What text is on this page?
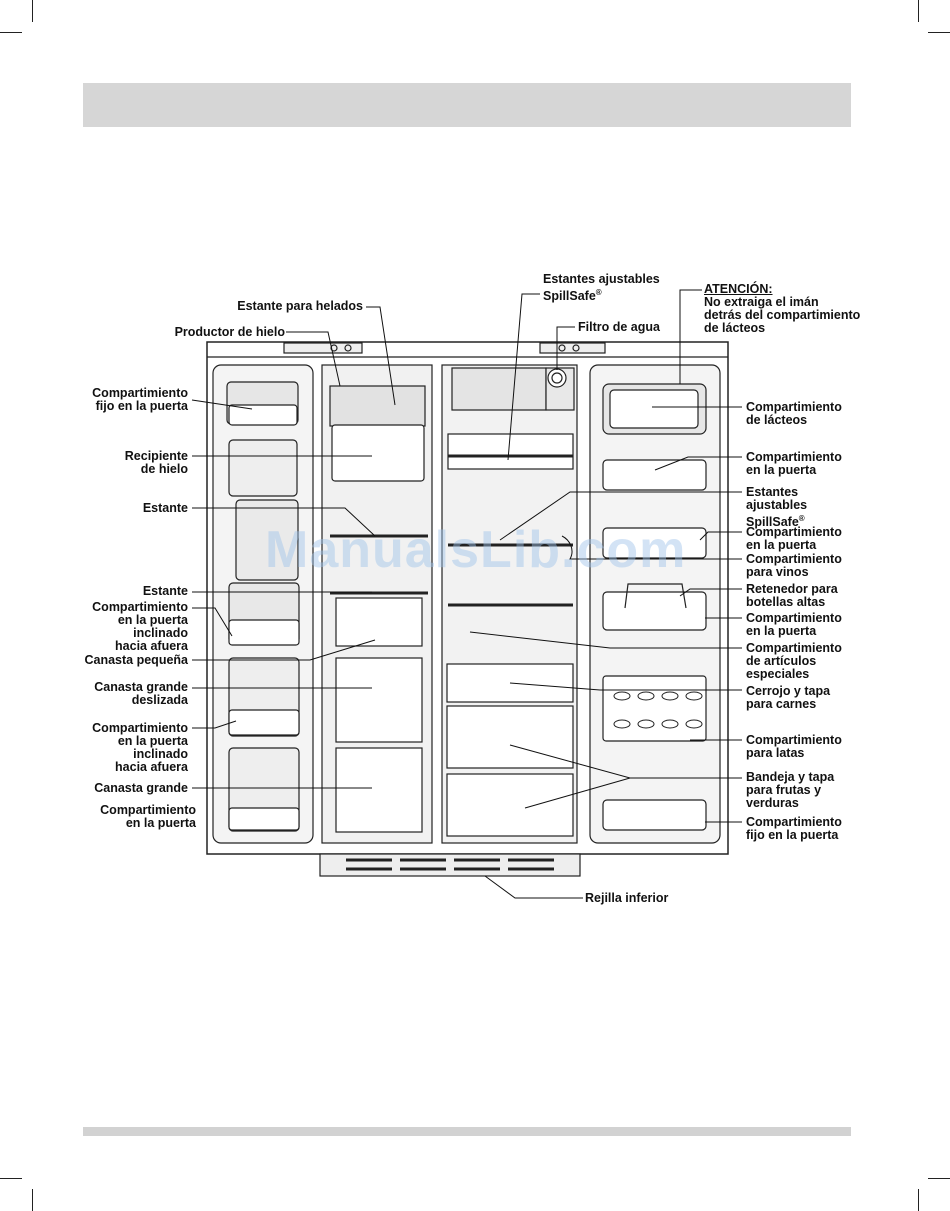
ManualsLib.com
Productor de hielo
Estante para helados
Compartimiento
fijo en la puerta
Recipiente
de hielo
Estante
Estante
Compartimiento
en la puerta
inclinado
hacia afuera
Canasta pequeña
Canasta grande
deslizada
Compartimiento
en la puerta
inclinado
hacia afuera
Canasta grande
Compartimiento
en la puerta
Estantes ajustables
SpillSafe®
Filtro de agua
ATENCIÓN:
No extraiga el imán
detrás del compartimiento
de lácteos
Compartimiento
de lácteos
Compartimiento
en la puerta
Estantes
ajustables
SpillSafe®
Compartimiento
en la puerta
Compartimiento
para vinos
Retenedor para
botellas altas
Compartimiento
en la puerta
Compartimiento
de artículos
especiales
Cerrojo y tapa
para carnes
Compartimiento
para latas
Bandeja y tapa
para frutas y
verduras
Compartimiento
fijo en la puerta
Rejilla inferior
